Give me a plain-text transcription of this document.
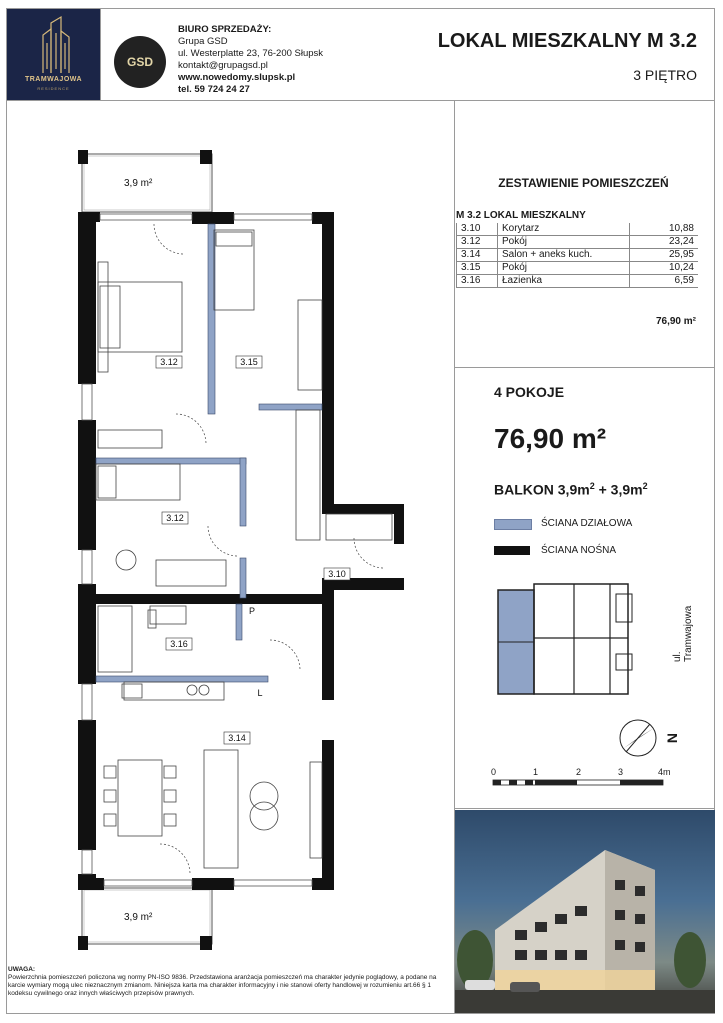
TRAMWAJOWA
RESIDENCE
GSD
BIURO SPRZEDAŻY:
Grupa GSD
ul. Westerplatte 23, 76-200 Słupsk
kontakt@grupagsd.pl
www.nowedomy.slupsk.pl
tel. 59 724 24 27
LOKAL MIESZKALNY M 3.2
3 PIĘTRO
ZESTAWIENIE POMIESZCZEŃ
M 3.2 LOKAL MIESZKALNY
3.10	Korytarz	10,88
3.12	Pokój	23,24
3.14	Salon + aneks kuch.	25,95
3.15	Pokój	10,24
3.16	Łazienka	6,59
76,90 m²
4 POKOJE
76,90 m²
BALKON $3,9m^2 + 3,9m^2$
ŚCIANA DZIAŁOWA
ŚCIANA NOŚNA
ul. Tramwajowa
N
0	1	2	3	4m
3.12	3.15
3.12
3.10
3.16
3.14
P
L
3,9 m²
3,9 m²
UWAGA:
Powierzchnia pomieszczeń policzona wg normy PN-ISO 9836. Przedstawiona aranżacja pomieszczeń ma charakter jedynie poglądowy, a podane na karcie wymiary mogą ulec nieznacznym zmianom. Niniejsza karta ma charakter informacyjny i nie stanowi oferty handlowej w rozumieniu art.66 § 1 kodeksu cywilnego oraz innych właściwych przepisów prawnych.
